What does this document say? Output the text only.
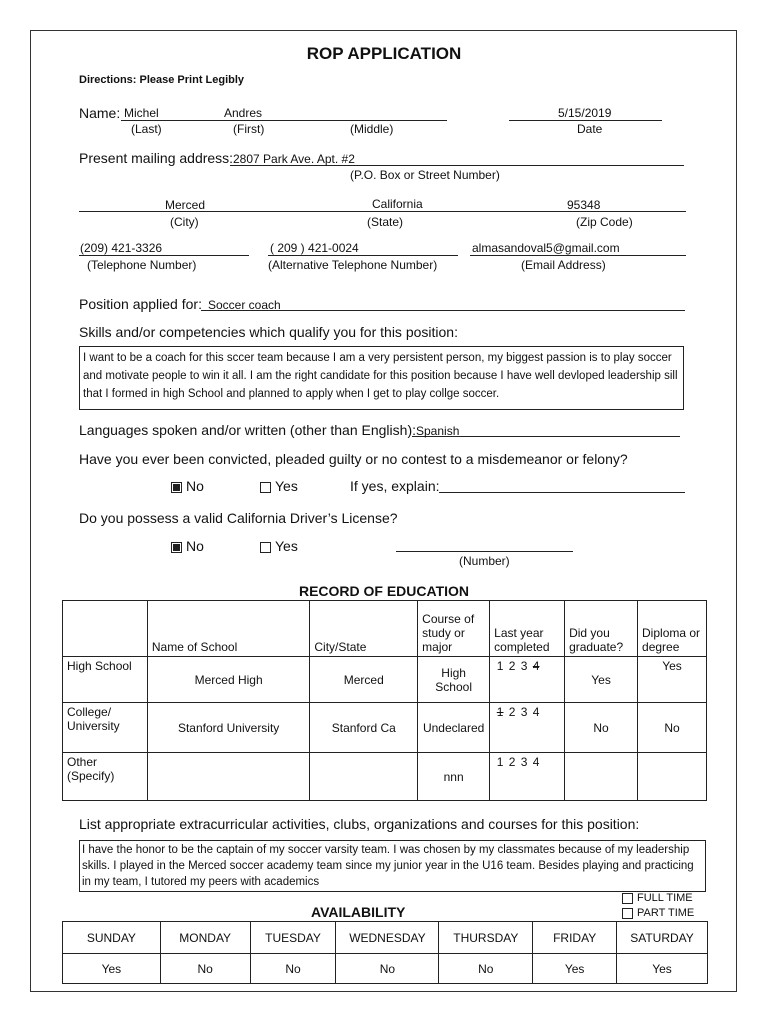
ROP APPLICATION
Directions: Please Print Legibly
Name: Michel	Andres	5/15/2019
(Last)	(First)	(Middle)	Date
Present mailing address: 2807 Park Ave. Apt. #2
(P.O. Box or Street Number)
Merced	California	95348
(City)	(State)	(Zip Code)
(209) 421-3326	( 209 ) 421-0024	almasandoval5@gmail.com
(Telephone Number)	(Alternative Telephone Number)	(Email Address)
Position applied for: Soccer coach
Skills and/or competencies which qualify you for this position:
I want to be a coach for this sccer team because I am a very persistent person, my biggest passion is to play soccer and motivate people to win it all. I am the right candidate for this position because I have well devloped leadership sill that I formed in high School and planned to apply when I get to play collge soccer.
Languages spoken and/or written (other than English): Spanish
Have you ever been convicted, pleaded guilty or no contest to a misdemeanor or felony?
No	Yes	If yes, explain:
Do you possess a valid California Driver’s License?
No	Yes
(Number)
RECORD OF EDUCATION
	Name of School	City/State	Course of study or major	Last year completed	Did you graduate?	Diploma or degree
High School	Merced High	Merced	High School	1 2 3 4	Yes	Yes
College/ University	Stanford University	Stanford Ca	Undeclared	1 2 3 4	No	No
Other (Specify)			nnn	1 2 3 4		
List appropriate extracurricular activities, clubs, organizations and courses for this position:
I have the honor to be the captain of my soccer varsity team. I was chosen by my classmates because of my leadership skills. I played in the Merced soccer academy team since my junior year in the U16 team. Besides playing and practicing in my team, I tutored my peers with academics
AVAILABILITY
FULL TIME
PART TIME
SUNDAY	MONDAY	TUESDAY	WEDNESDAY	THURSDAY	FRIDAY	SATURDAY
Yes	No	No	No	No	Yes	Yes
